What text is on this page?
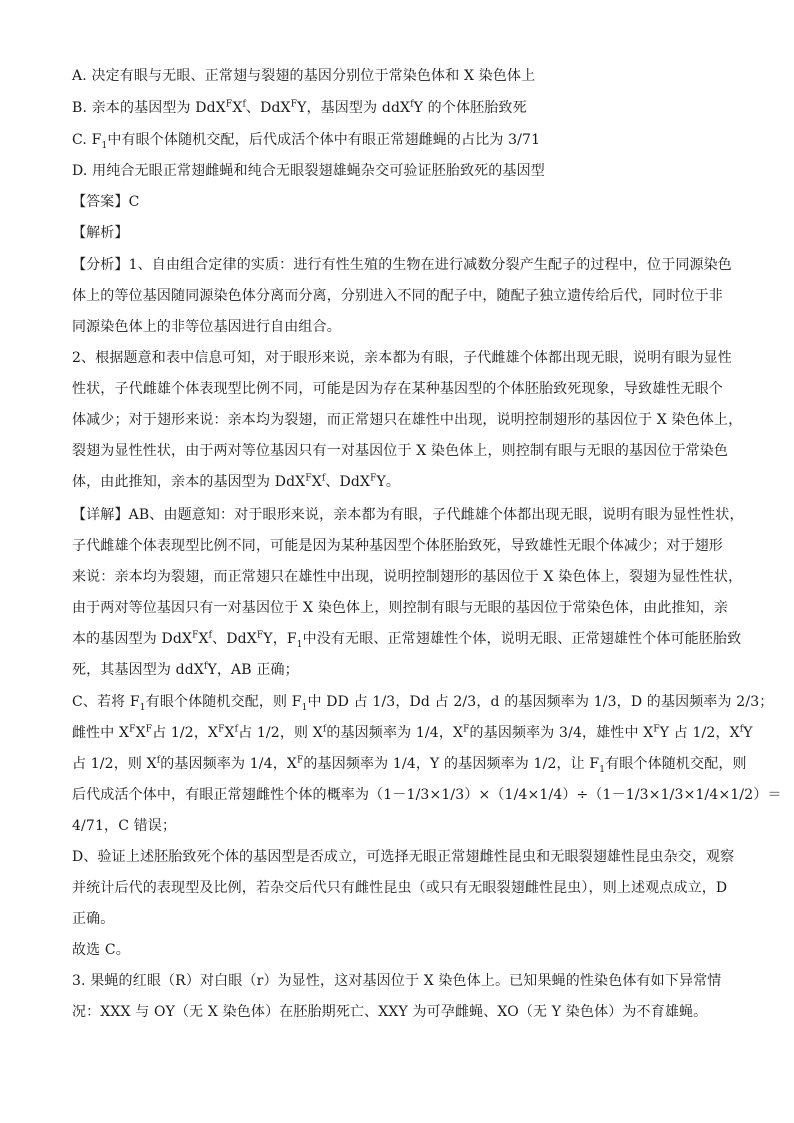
A. 决定有眼与无眼、正常翅与裂翅的基因分别位于常染色体和 X 染色体上
B. 亲本的基因型为 $DdX^FX^f$、DdX$^F$Y，基因型为 ddX$^f$Y 的个体胚胎致死
C. $F_1$中有眼个体随机交配，后代成活个体中有眼正常翅雌蝇的占比为 3/71
D. 用纯合无眼正常翅雌蝇和纯合无眼裂翅雄蝇杂交可验证胚胎致死的基因型
【答案】C
【解析】
【分析】1、自由组合定律的实质：进行有性生殖的生物在进行减数分裂产生配子的过程中，位于同源染色
体上的等位基因随同源染色体分离而分离，分别进入不同的配子中，随配子独立遗传给后代，同时位于非
同源染色体上的非等位基因进行自由组合。
2、根据题意和表中信息可知，对于眼形来说，亲本都为有眼，子代雌雄个体都出现无眼，说明有眼为显性
性状，子代雌雄个体表现型比例不同，可能是因为存在某种基因型的个体胚胎致死现象，导致雄性无眼个
体减少；对于翅形来说：亲本均为裂翅，而正常翅只在雄性中出现，说明控制翅形的基因位于 X 染色体上，
裂翅为显性性状，由于两对等位基因只有一对基因位于 X 染色体上，则控制有眼与无眼的基因位于常染色
体，由此推知，亲本的基因型为 $DdX^FX^f$、DdX$^F$Y。
【详解】AB、由题意知：对于眼形来说，亲本都为有眼，子代雌雄个体都出现无眼，说明有眼为显性性状，
子代雌雄个体表现型比例不同，可能是因为某种基因型个体胚胎致死，导致雄性无眼个体减少；对于翅形
来说：亲本均为裂翅，而正常翅只在雄性中出现，说明控制翅形的基因位于 X 染色体上，裂翅为显性性状，
由于两对等位基因只有一对基因位于 X 染色体上，则控制有眼与无眼的基因位于常染色体，由此推知，亲
本的基因型为 $DdX^FX^f$、DdX$^F$Y，$F_1$中没有无眼、正常翅雄性个体，说明无眼、正常翅雄性个体可能胚胎致
死，其基因型为 ddX$^f$Y，AB 正确；
C、若将 $F_1$有眼个体随机交配，则 $F_1$中 DD 占 1/3，Dd 占 2/3，d 的基因频率为 1/3，D 的基因频率为 2/3；
雌性中 $X^FX^F$占 1/2，$X^FX^f$占 1/2，则 $X^f$的基因频率为 1/4，$X^F$的基因频率为 3/4，雄性中 $X^FY$ 占 1/2，$X^fY$
占 1/2，则 $X^f$的基因频率为 1/4，$X^F$的基因频率为 1/4，Y 的基因频率为 1/2，让 $F_1$有眼个体随机交配，则
后代成活个体中，有眼正常翅雌性个体的概率为（1－1/3×1/3）×（1/4×1/4）÷（1－1/3×1/3×1/4×1/2）＝
4/71，C 错误；
D、验证上述胚胎致死个体的基因型是否成立，可选择无眼正常翅雌性昆虫和无眼裂翅雄性昆虫杂交，观察
并统计后代的表现型及比例，若杂交后代只有雌性昆虫（或只有无眼裂翅雌性昆虫），则上述观点成立，D
正确。
故选 C。
3. 果蝇的红眼（R）对白眼（r）为显性，这对基因位于 X 染色体上。已知果蝇的性染色体有如下异常情
况：XXX 与 OY（无 X 染色体）在胚胎期死亡、XXY 为可孕雌蝇、XO（无 Y 染色体）为不育雄蝇。
